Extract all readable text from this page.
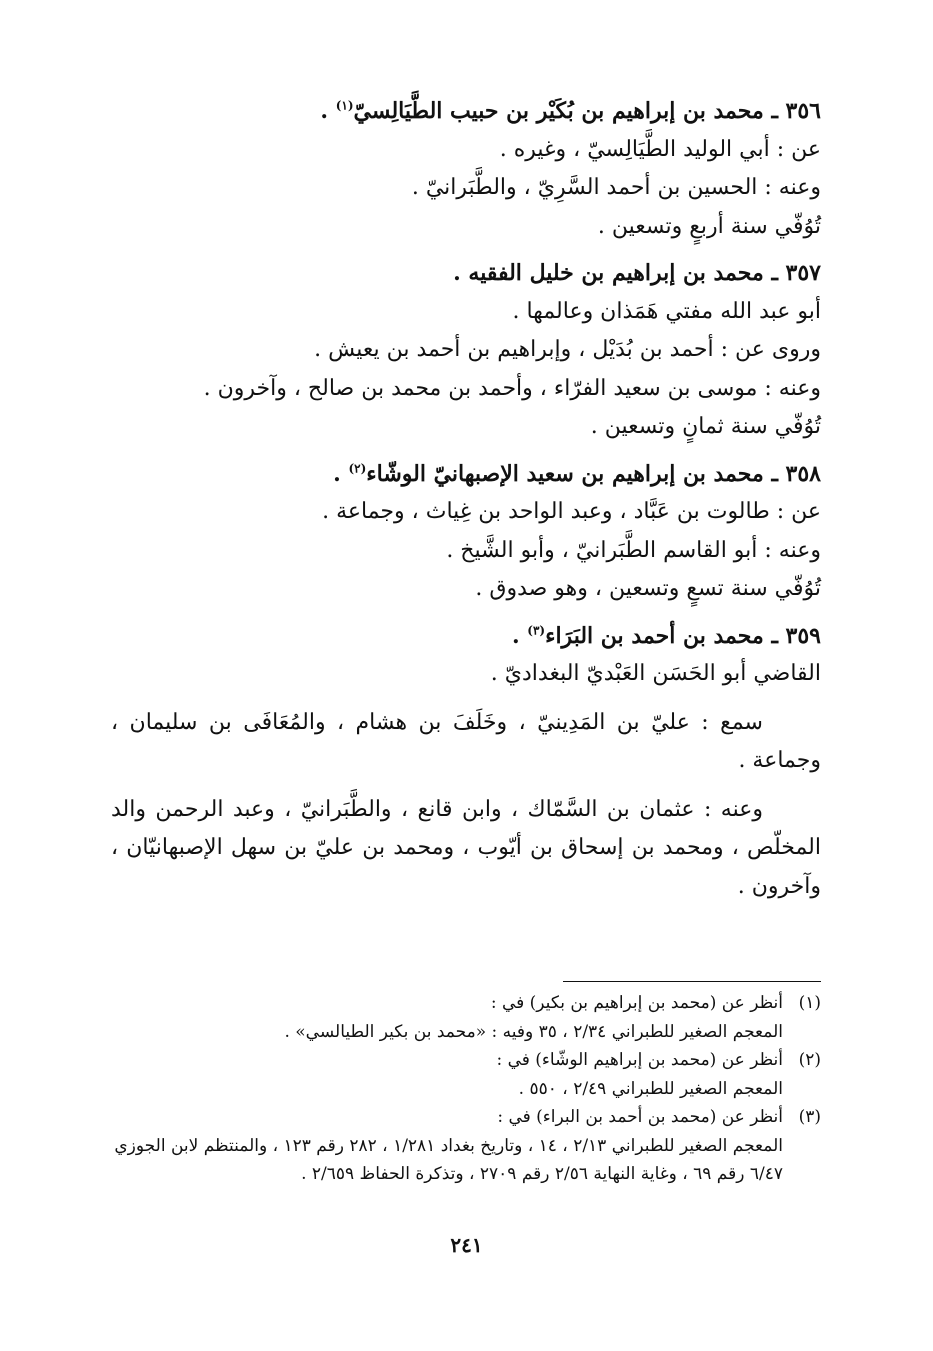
٣٥٦ ـ محمد بن إبراهيم بن بُكَيْر بن حبيب الطَّيَالِسيّ$^{(١)}$ .

عن : أبي الوليد الطَّيَالِسيّ ، وغيره .

وعنه : الحسين بن أحمد السَّرِيّ ، والطَّبَرانيّ .

تُوُفّي سنة أربعٍ وتسعين .

٣٥٧ ـ محمد بن إبراهيم بن خليل الفقيه .

أبو عبد الله مفتي هَمَذان وعالمها .

وروى عن : أحمد بن بُدَيْل ، وإبراهيم بن أحمد بن يعيش .

وعنه : موسى بن سعيد الفرّاء ، وأحمد بن محمد بن صالح ، وآخرون .

تُوُفّي سنة ثمانٍ وتسعين .

٣٥٨ ـ محمد بن إبراهيم بن سعيد الإصبهانيّ الوشّاء$^{(٢)}$ .

عن : طالوت بن عَبَّاد ، وعبد الواحد بن غِياث ، وجماعة .

وعنه : أبو القاسم الطَّبَرانيّ ، وأبو الشَّيخ .

تُوُفّي سنة تسعٍ وتسعين ، وهو صدوق .

٣٥٩ ـ محمد بن أحمد بن البَرَاء$^{(٣)}$ .

القاضي أبو الحَسَن العَبْديّ البغداديّ .

سمع : عليّ بن المَدِينيّ ، وخَلَفَ بن هشام ، والمُعَافَى بن سليمان ، وجماعة .

وعنه : عثمان بن السَّمّاك ، وابن قانع ، والطَّبَرانيّ ، وعبد الرحمن والد المخلّص ، ومحمد بن إسحاق بن أيّوب ، ومحمد بن عليّ بن سهل الإصبهانيّان ، وآخرون .

(١)

أنظر عن (محمد بن إبراهيم بن بكير) في :

المعجم الصغير للطبراني ٢/٣٤ ، ٣٥ وفيه : «محمد بن بكير الطيالسي» .

(٢)

أنظر عن (محمد بن إبراهيم الوشّاء) في :

المعجم الصغير للطبراني ٢/٤٩ ، ٥٥٠ .

(٣)

أنظر عن (محمد بن أحمد بن البراء) في :

المعجم الصغير للطبراني ٢/١٣ ، ١٤ ، وتاريخ بغداد ١/٢٨١ ، ٢٨٢ رقم ١٢٣ ، والمنتظم لابن الجوزي ٦/٤٧ رقم ٦٩ ، وغاية النهاية ٢/٥٦ رقم ٢٧٠٩ ، وتذكرة الحفاظ ٢/٦٥٩ .

٢٤١
